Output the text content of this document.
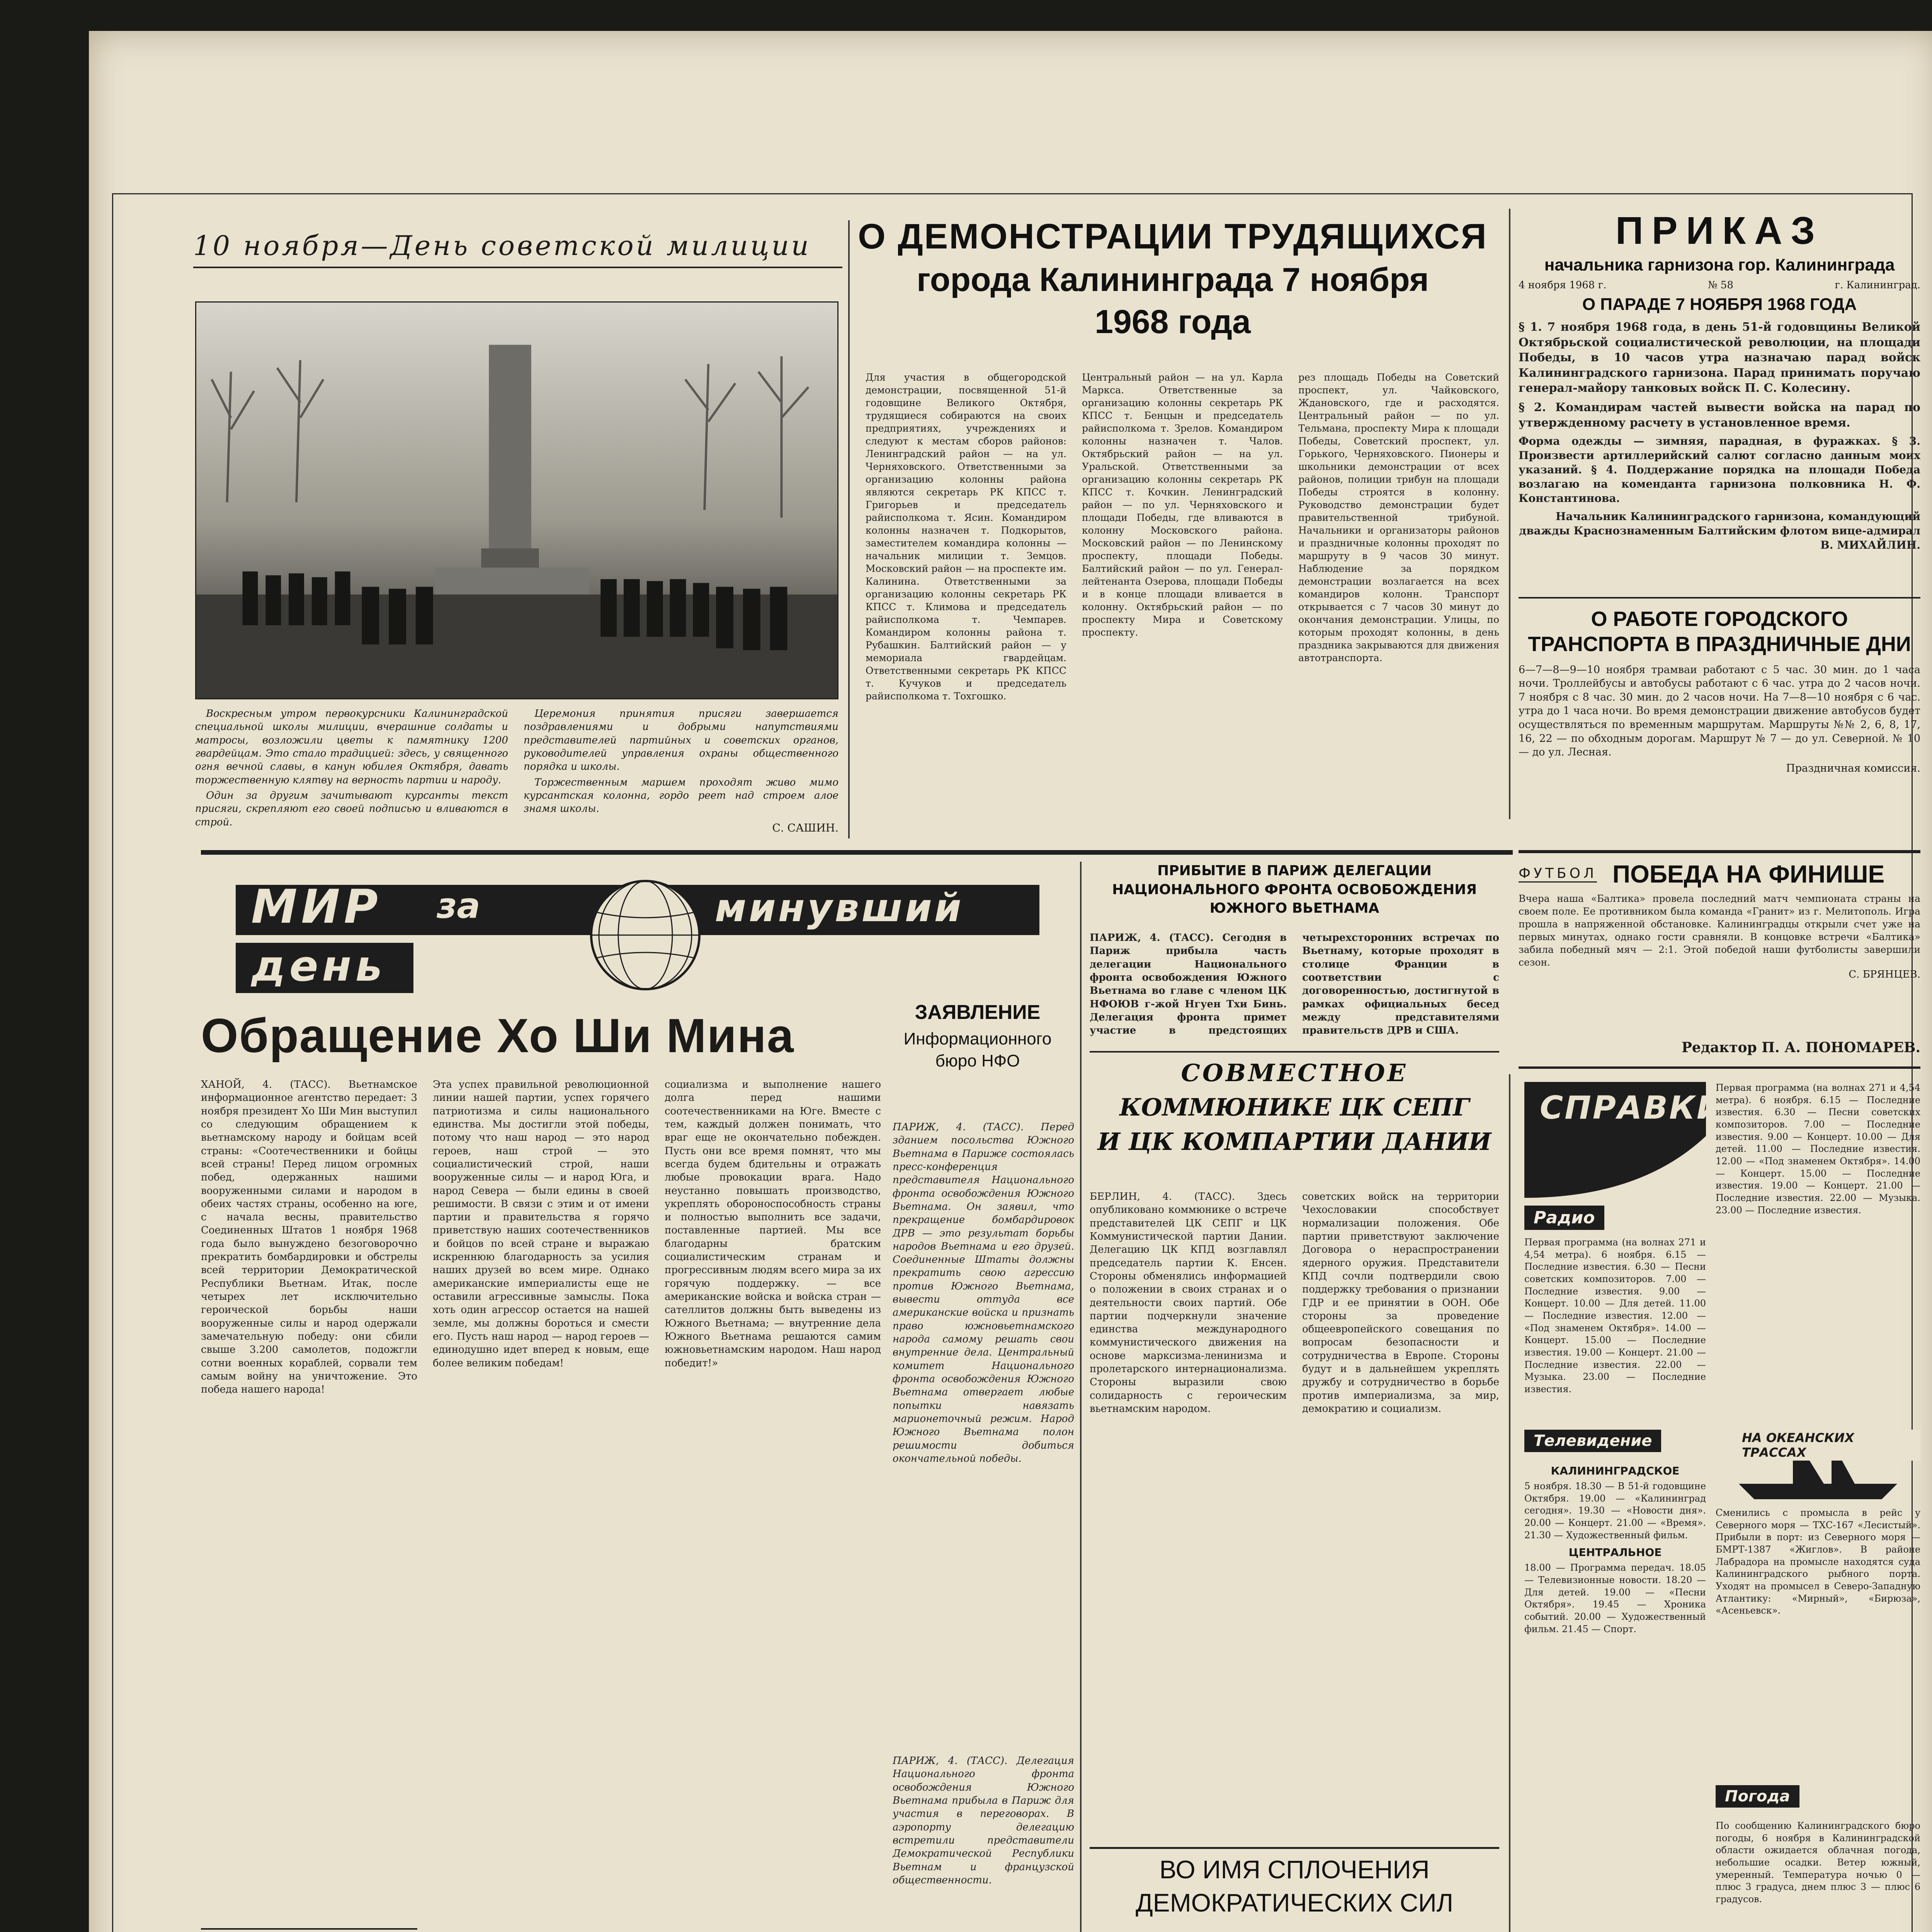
10 ноября—День советской милиции
Воскресным утром первокурсники Калининградской специальной школы милиции, вчерашние солдаты и матросы, возложили цветы к памятнику 1200 гвардейцам. Это стало традицией: здесь, у священного огня вечной славы, в канун юбилея Октября, давать торжественную клятву на верность партии и народу.
Один за другим зачитывают курсанты текст присяги, скрепляют его своей подписью и вливаются в строй.
Церемония принятия присяги завершается поздравлениями и добрыми напутствиями представителей партийных и советских органов, руководителей управления охраны общественного порядка и школы.
Торжественным маршем проходят живо мимо курсантская колонна, гордо реет над строем алое знамя школы.
С. САШИН.
О ДЕМОНСТРАЦИИ ТРУДЯЩИХСЯ
города Калининграда 7 ноября
1968 года
Для участия в общегородской демонстрации, посвященной 51-й годовщине Великого Октября, трудящиеся собираются на своих предприятиях, учреждениях и следуют к местам сборов районов: Ленинградский район — на ул. Черняховского. Ответственными за организацию колонны района являются секретарь РК КПСС т. Григорьев и председатель райисполкома т. Ясин. Командиром колонны назначен т. Подкорытов, заместителем командира колонны — начальник милиции т. Земцов. Московский район — на проспекте им. Калинина. Ответственными за организацию колонны секретарь РК КПСС т. Климова и председатель райисполкома т. Чемпарев. Командиром колонны района т. Рубашкин. Балтийский район — у мемориала гвардейцам. Ответственными секретарь РК КПСС т. Кучуков и председатель райисполкома т. Тохгошко.
Центральный район — на ул. Карла Маркса. Ответственные за организацию колонны секретарь РК КПСС т. Бенцын и председатель райисполкома т. Зрелов. Командиром колонны назначен т. Чалов. Октябрьский район — на ул. Уральской. Ответственными за организацию колонны секретарь РК КПСС т. Кочкин. Ленинградский район — по ул. Черняховского и площади Победы, где вливаются в колонну Московского района. Московский район — по Ленинскому проспекту, площади Победы. Балтийский район — по ул. Генерал-лейтенанта Озерова, площади Победы и в конце площади вливается в колонну. Октябрьский район — по проспекту Мира и Советскому проспекту.
рез площадь Победы на Советский проспект, ул. Чайковского, Ждановского, где и расходятся. Центральный район — по ул. Тельмана, проспекту Мира к площади Победы, Советский проспект, ул. Горького, Черняховского. Пионеры и школьники демонстрации от всех районов, полиции трибун на площади Победы строятся в колонну. Руководство демонстрации будет правительственной трибуной. Начальники и организаторы районов и праздничные колонны проходят по маршруту в 9 часов 30 минут. Наблюдение за порядком демонстрации возлагается на всех командиров колонн. Транспорт открывается с 7 часов 30 минут до окончания демонстрации. Улицы, по которым проходят колонны, в день праздника закрываются для движения автотранспорта.
ПРИКАЗ
начальника гарнизона гор. Калининграда
4 ноября 1968 г.	№ 58	г. Калининград.
О ПАРАДЕ 7 НОЯБРЯ 1968 ГОДА
§ 1. 7 ноября 1968 года, в день 51-й годовщины Великой Октябрьской социалистической революции, на площади Победы, в 10 часов утра назначаю парад войск Калининградского гарнизона. Парад принимать поручаю генерал-майору танковых войск П. С. Колесину.
§ 2. Командирам частей вывести войска на парад по утвержденному расчету в установленное время.
Форма одежды — зимняя, парадная, в фуражках. § 3. Произвести артиллерийский салют согласно данным моих указаний. § 4. Поддержание порядка на площади Победа возлагаю на коменданта гарнизона полковника Н. Ф. Константинова.
Начальник Калининградского гарнизона, командующий дважды Краснознаменным Балтийским флотом вице-адмирал В. МИХАЙЛИН.
О РАБОТЕ ГОРОДСКОГО ТРАНСПОРТА В ПРАЗДНИЧНЫЕ ДНИ
6—7—8—9—10 ноября трамваи работают с 5 час. 30 мин. до 1 часа ночи. Троллейбусы и автобусы работают с 6 час. утра до 2 часов ночи. 7 ноября с 8 час. 30 мин. до 2 часов ночи. На 7—8—10 ноября с 6 час. утра до 1 часа ночи. Во время демонстрации движение автобусов будет осуществляться по временным маршрутам. Маршруты №№ 2, 6, 8, 17, 16, 22 — по обходным дорогам. Маршрут № 7 — до ул. Северной. № 10 — до ул. Лесная.
Праздничная комиссия.
ФУТБОЛ ПОБЕДА НА ФИНИШЕ
Вчера наша «Балтика» провела последний матч чемпионата страны на своем поле. Ее противником была команда «Гранит» из г. Мелитополь. Игра прошла в напряженной обстановке. Калининградцы открыли счет уже на первых минутах, однако гости сравняли. В концовке встречи «Балтика» забила победный мяч — 2:1. Этой победой наши футболисты завершили сезон.
С. БРЯНЦЕВ.
Редактор П. А. ПОНОМАРЕВ.
МИР за	минувший
день
Обращение Хо Ши Мина
ХАНОЙ, 4. (ТАСС). Вьетнамское информационное агентство передает: 3 ноября президент Хо Ши Мин выступил со следующим обращением к вьетнамскому народу и бойцам всей страны: «Соотечественники и бойцы всей страны! Перед лицом огромных побед, одержанных нашими вооруженными силами и народом в обеих частях страны, особенно на юге, с начала весны, правительство Соединенных Штатов 1 ноября 1968 года было вынуждено безоговорочно прекратить бомбардировки и обстрелы всей территории Демократической Республики Вьетнам. Итак, после четырех лет исключительно героической борьбы наши вооруженные силы и народ одержали замечательную победу: они сбили свыше 3.200 самолетов, подожгли сотни военных кораблей, сорвали тем самым войну на уничтожение. Это победа нашего народа!
Эта успех правильной революционной линии нашей партии, успех горячего патриотизма и силы национального единства. Мы достигли этой победы, потому что наш народ — это народ героев, наш строй — это социалистический строй, наши вооруженные силы — и народ Юга, и народ Севера — были едины в своей решимости. В связи с этим и от имени партии и правительства я горячо приветствую наших соотечественников и бойцов по всей стране и выражаю искреннюю благодарность за усилия наших друзей во всем мире. Однако американские империалисты еще не оставили агрессивные замыслы. Пока хоть один агрессор остается на нашей земле, мы должны бороться и смести его. Пусть наш народ — народ героев — единодушно идет вперед к новым, еще более великим победам!
социализма и выполнение нашего долга перед нашими соотечественниками на Юге. Вместе с тем, каждый должен понимать, что враг еще не окончательно побежден. Пусть они все время помнят, что мы всегда будем бдительны и отражать любые провокации врага. Надо неустанно повышать производство, укреплять обороноспособность страны и полностью выполнить все задачи, поставленные партией. Мы все благодарны братским социалистическим странам и прогрессивным людям всего мира за их горячую поддержку. — все американские войска и войска стран — сателлитов должны быть выведены из Южного Вьетнама; — внутренние дела Южного Вьетнама решаются самим южновьетнамским народом. Наш народ победит!»
ЗАЯВЛЕНИЕ
Информационного бюро НФО
ПАРИЖ, 4. (ТАСС). Перед зданием посольства Южного Вьетнама в Париже состоялась пресс-конференция представителя Национального фронта освобождения Южного Вьетнама. Он заявил, что прекращение бомбардировок ДРВ — это результат борьбы народов Вьетнама и его друзей. Соединенные Штаты должны прекратить свою агрессию против Южного Вьетнама, вывести оттуда все американские войска и признать право южновьетнамского народа самому решать свои внутренние дела. Центральный комитет Национального фронта освобождения Южного Вьетнама отвергает любые попытки навязать марионеточный режим. Народ Южного Вьетнама полон решимости добиться окончательной победы.
ПАРИЖ, 4. (ТАСС). Делегация Национального фронта освобождения Южного Вьетнама прибыла в Париж для участия в переговорах. В аэропорту делегацию встретили представители Демократической Республики Вьетнам и французской общественности.
ПРИБЫТИЕ В ПАРИЖ ДЕЛЕГАЦИИ НАЦИОНАЛЬНОГО ФРОНТА ОСВОБОЖДЕНИЯ ЮЖНОГО ВЬЕТНАМА
ПАРИЖ, 4. (ТАСС). Сегодня в Париж прибыла часть делегации Национального фронта освобождения Южного Вьетнама во главе с членом ЦК НФОЮВ г-жой Нгуен Тхи Бинь. Делегация фронта примет участие в предстоящих четырехсторонних встречах по Вьетнаму, которые проходят в столице Франции в соответствии с договоренностью, достигнутой в рамках официальных бесед между представителями правительств ДРВ и США.
СОВМЕСТНОЕ
КОММЮНИКЕ ЦК СЕПГ
И ЦК КОМПАРТИИ ДАНИИ
БЕРЛИН, 4. (ТАСС). Здесь опубликовано коммюнике о встрече представителей ЦК СЕПГ и ЦК Коммунистической партии Дании. Делегацию ЦК КПД возглавлял председатель партии К. Енсен. Стороны обменялись информацией о положении в своих странах и о деятельности своих партий. Обе партии подчеркнули значение единства международного коммунистического движения на основе марксизма-ленинизма и пролетарского интернационализма. Стороны выразили свою солидарность с героическим вьетнамским народом.
советских войск на территории Чехословакии способствует нормализации положения. Обе партии приветствуют заключение Договора о нераспространении ядерного оружия. Представители КПД сочли подтвердили свою поддержку требования о признании ГДР и ее принятии в ООН. Обе стороны за проведение общеевропейского совещания по вопросам безопасности и сотрудничества в Европе. Стороны будут и в дальнейшем укреплять дружбу и сотрудничество в борьбе против империализма, за мир, демократию и социализм.
ВО ИМЯ СПЛОЧЕНИЯ
ДЕМОКРАТИЧЕСКИХ СИЛ
СПРАВКИ
Радио
Первая программа (на волнах 271 и 4,54 метра). 6 ноября. 6.15 — Последние известия. 6.30 — Песни советских композиторов. 7.00 — Последние известия. 9.00 — Концерт. 10.00 — Для детей. 11.00 — Последние известия. 12.00 — «Под знаменем Октября». 14.00 — Концерт. 15.00 — Последние известия. 19.00 — Концерт. 21.00 — Последние известия. 22.00 — Музыка. 23.00 — Последние известия.
Первая программа (на волнах 271 и 4,54 метра). 6 ноября. 6.15 — Последние известия. 6.30 — Песни советских композиторов. 7.00 — Последние известия. 9.00 — Концерт. 10.00 — Для детей. 11.00 — Последние известия. 12.00 — «Под знаменем Октября». 14.00 — Концерт. 15.00 — Последние известия. 19.00 — Концерт. 21.00 — Последние известия. 22.00 — Музыка. 23.00 — Последние известия.
НА ОКЕАНСКИХ ТРАССАХ
Сменились с промысла в рейс у Северного моря — ТХС-167 «Лесистый». Прибыли в порт: из Северного моря — БМРТ-1387 «Жиглов». В районе Лабрадора на промысле находятся суда Калининградского рыбного порта. Уходят на промысел в Северо-Западную Атлантику: «Мирный», «Бирюза», «Асеньевск».
Телевидение
КАЛИНИНГРАДСКОЕ
5 ноября. 18.30 — В 51-й годовщине Октября. 19.00 — «Калининград сегодня». 19.30 — «Новости дня». 20.00 — Концерт. 21.00 — «Время». 21.30 — Художественный фильм.
ЦЕНТРАЛЬНОЕ
18.00 — Программа передач. 18.05 — Телевизионные новости. 18.20 — Для детей. 19.00 — «Песни Октября». 19.45 — Хроника событий. 20.00 — Художественный фильм. 21.45 — Спорт.
Погода
По сообщению Калининградского бюро погоды, 6 ноября в Калининградской области ожидается облачная погода, небольшие осадки. Ветер южный, умеренный. Температура ночью 0 — плюс 3 градуса, днем плюс 3 — плюс 6 градусов.
